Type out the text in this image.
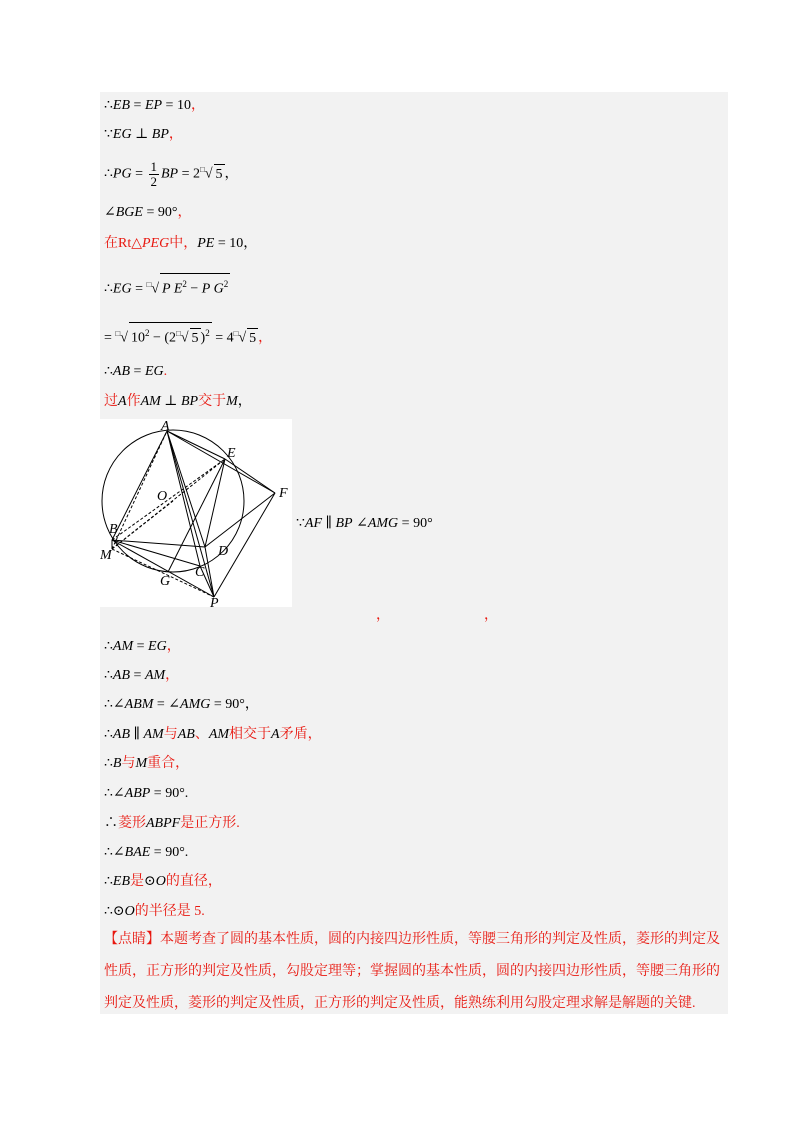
∴EB = EP = 10，
∵EG ⊥ BP，
∴PG = $\frac{1}{2}$ BP = 2□√ 5 ，
∠BGE = 90°，
在Rt△PEG中，PE = 10，
∴EG = □√ P $E^2 - P$ $G^2$
= □√ $10^2$ − (2□√ 5 )$^2$ = 4□√ 5 ，
∴AB = EG.
过A作AM ⊥ BP交于M，
A
E
F
O
B
M	D
C
G
P
∵AF ∥ BP ∠AMG = 90°
，	，
∴AM = EG，
∴AB = AM，
∴∠ABM = ∠AMG = 90°，
∴AB ∥ AM与AB、AM相交于A矛盾，
∴B与M重合，
∴∠ABP = 90°.
∴菱形ABPF是正方形.
∴∠BAE = 90°.
∴EB是⊙O的直径，
∴⊙O的半径是 5.
【点睛】本题考查了圆的基本性质，圆的内接四边形性质，等腰三角形的判定及性质，菱形的判定及
性质，正方形的判定及性质，勾股定理等；掌握圆的基本性质，圆的内接四边形性质，等腰三角形的
判定及性质，菱形的判定及性质，正方形的判定及性质，能熟练利用勾股定理求解是解题的关键.
